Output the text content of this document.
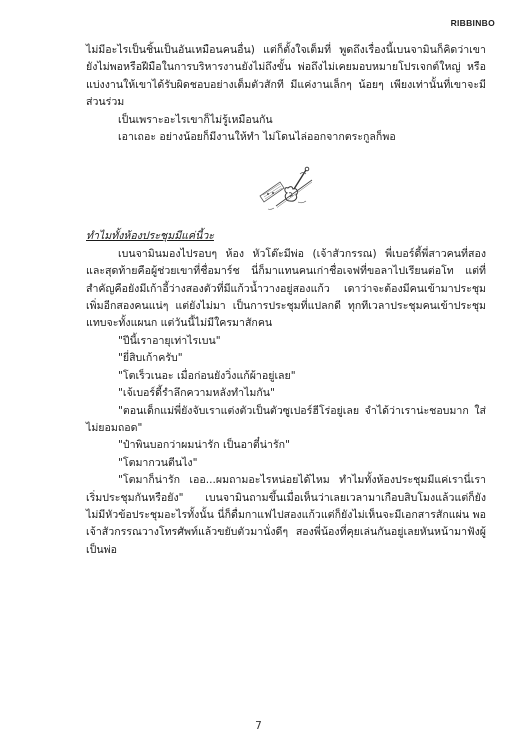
RIBBINBO

ไม่มีอะไรเป็นชิ้นเป็นอันเหมือนคนอื่น) แต่ก็ตั้งใจเต็มที่ พูดถึงเรื่องนี้เบนจามินก็คิดว่าเขายังไม่พอหรือฝีมือในการบริหารงานยังไม่ถึงขั้น พ่อถึงไม่เคยมอบหมายโปรเจกต์ใหญ่ หรือแบ่งงานให้เขาได้รับผิดชอบอย่างเต็มตัวสักที มีแค่งานเล็กๆ น้อยๆ เพียงเท่านั้นที่เขาจะมีส่วนร่วม

เป็นเพราะอะไรเขาก็ไม่รู้เหมือนกัน

เอาเถอะ อย่างน้อยก็มีงานให้ทำ ไม่โดนไล่ออกจากตระกูลก็พอ

ทำไมทั้งห้องประชุมมีแค่นี้วะ

เบนจามินมองไปรอบๆ ห้อง หัวโต๊ะมีพ่อ (เจ้าสัวกรรณ) พี่เบอร์ดี้พี่สาวคนที่สอง และสุดท้ายคือผู้ช่วยเขาที่ชื่อมาร์ช นี่ก็มาแทนคนเก่าชื่อเจฟที่ขอลาไปเรียนต่อโท แต่ที่สำคัญคือยังมีเก้าอี้ว่างสองตัวที่มีแก้วน้ำวางอยู่สองแก้ว เดาว่าจะต้องมีคนเข้ามาประชุมเพิ่มอีกสองคนแน่ๆ แต่ยังไม่มา เป็นการประชุมที่แปลกดี ทุกทีเวลาประชุมคนเข้าประชุมแทบจะทั้งแผนก แต่วันนี้ไม่มีใครมาสักคน

"ปีนี้เราอายุเท่าไรเบน"

"ยี่สิบเก้าครับ"

"โตเร็วเนอะ เมื่อก่อนยังวิ่งแก้ผ้าอยู่เลย"

"เจ้เบอร์ดี้รำลึกความหลังทำไมกัน"

"ตอนเด็กแม่พี่ยังจับเราแต่งตัวเป็นตัวซูเปอร์ฮีโร่อยู่เลย จำได้ว่าเราน่ะชอบมาก ใส่ไม่ยอมถอด"

"ป๋าพินบอกว่าผมน่ารัก เป็นอาตี๋น่ารัก"

"โตมากวนตีนไง"

"โตมาก็น่ารัก เออ...ผมถามอะไรหน่อยได้ไหม ทำไมทั้งห้องประชุมมีแค่เรานี่เราเริ่มประชุมกันหรือยัง" เบนจามินถามขึ้นเมื่อเห็นว่าเลยเวลามาเกือบสิบโมงแล้วแต่ก็ยังไม่มีหัวข้อประชุมอะไรทั้งนั้น นี่ก็ดื่มกาแฟไปสองแก้วแต่ก็ยังไม่เห็นจะมีเอกสารสักแผ่น พอเจ้าสัวกรรณวางโทรศัพท์แล้วขยับตัวมานั่งดีๆ สองพี่น้องที่คุยเล่นกันอยู่เลยหันหน้ามาฟังผู้เป็นพ่อ

7
